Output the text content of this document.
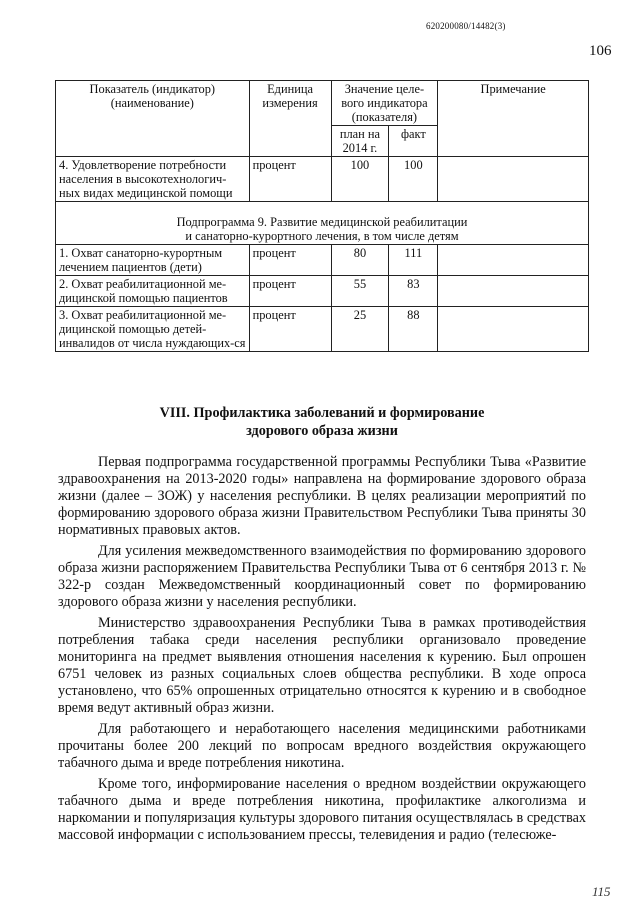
620200080/14482(3)
106
Показатель (индикатор) (наименование)	Единица измерения	Значение целе-вого индикатора (показателя)		Примечание
		план на 2014 г.	факт	
4. Удовлетворение потребности населения в высокотехнологич-ных видах медицинской помощи	процент	100	100	

Подпрограмма 9. Развитие медицинской реабилитации
и санаторно-курортного лечения, в том числе детям				

1. Охват санаторно-курортным лечением пациентов (дети)	процент	80	111	
2. Охват реабилитационной ме-дицинской помощью пациентов	процент	55	83	
3. Охват реабилитационной ме-дицинской помощью детей-инвалидов от числа нуждающих-ся	процент	25	88	
VIII. Профилактика заболеваний и формирование
здорового образа жизни

Первая подпрограмма государственной программы Республики Тыва «Развитие здравоохранения на 2013-2020 годы» направлена на формирование здорового образа жизни (далее – ЗОЖ) у населения республики. В целях реализации мероприятий по формированию здорового образа жизни Правительством Республики Тыва приняты 30 нормативных правовых актов.

Для усиления межведомственного взаимодействия по формированию здорового образа жизни распоряжением Правительства Республики Тыва от 6 сентября 2013 г. № 322-р создан Межведомственный координационный совет по формированию здорового образа жизни у населения республики.

Министерство здравоохранения Республики Тыва в рамках противодействия потребления табака среди населения республики организовало проведение мониторинга на предмет выявления отношения населения к курению. Был опрошен 6751 человек из разных социальных слоев общества республики. В ходе опроса установлено, что 65% опрошенных отрицательно относятся к курению и в свободное время ведут активный образ жизни.

Для работающего и неработающего населения медицинскими работниками прочитаны более 200 лекций по вопросам вредного воздействия окружающего табачного дыма и вреде потребления никотина.

Кроме того, информирование населения о вредном воздействии окружающего табачного дыма и вреде потребления никотина, профилактике алкоголизма и наркомании и популяризация культуры здорового питания осуществлялась в средствах массовой информации с использованием прессы, телевидения и радио (телесюже-

115
